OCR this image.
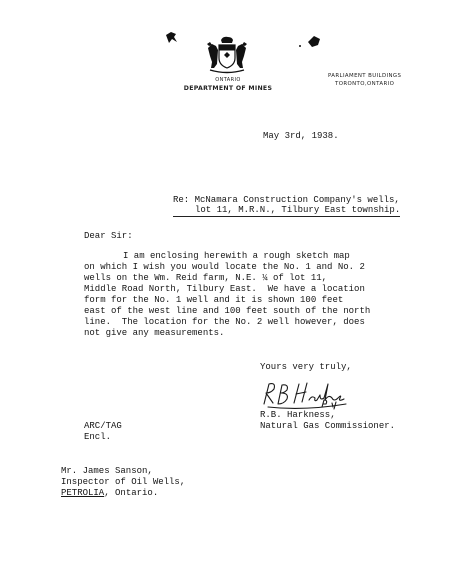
ONTARIO
DEPARTMENT OF MINES
PARLIAMENT BUILDINGS
TORONTO,ONTARIO
May 3rd, 1938.
Re: McNamara Construction Company's wells,
lot 11, M.R.N., Tilbury East township.
Dear Sir:
I am enclosing herewith a rough sketch map
on which I wish you would locate the No. 1 and No. 2
wells on the Wm. Reid farm, N.E. ¼ of lot 11,
Middle Road North, Tilbury East.  We have a location
form for the No. 1 well and it is shown 100 feet
east of the west line and 100 feet south of the north
line.  The location for the No. 2 well however, does
not give any measurements.
Yours very truly,
R.B. Harkness,
Natural Gas Commissioner.
ARC/TAG
Encl.
Mr. James Sanson,
Inspector of Oil Wells,
PETROLIA, Ontario.
